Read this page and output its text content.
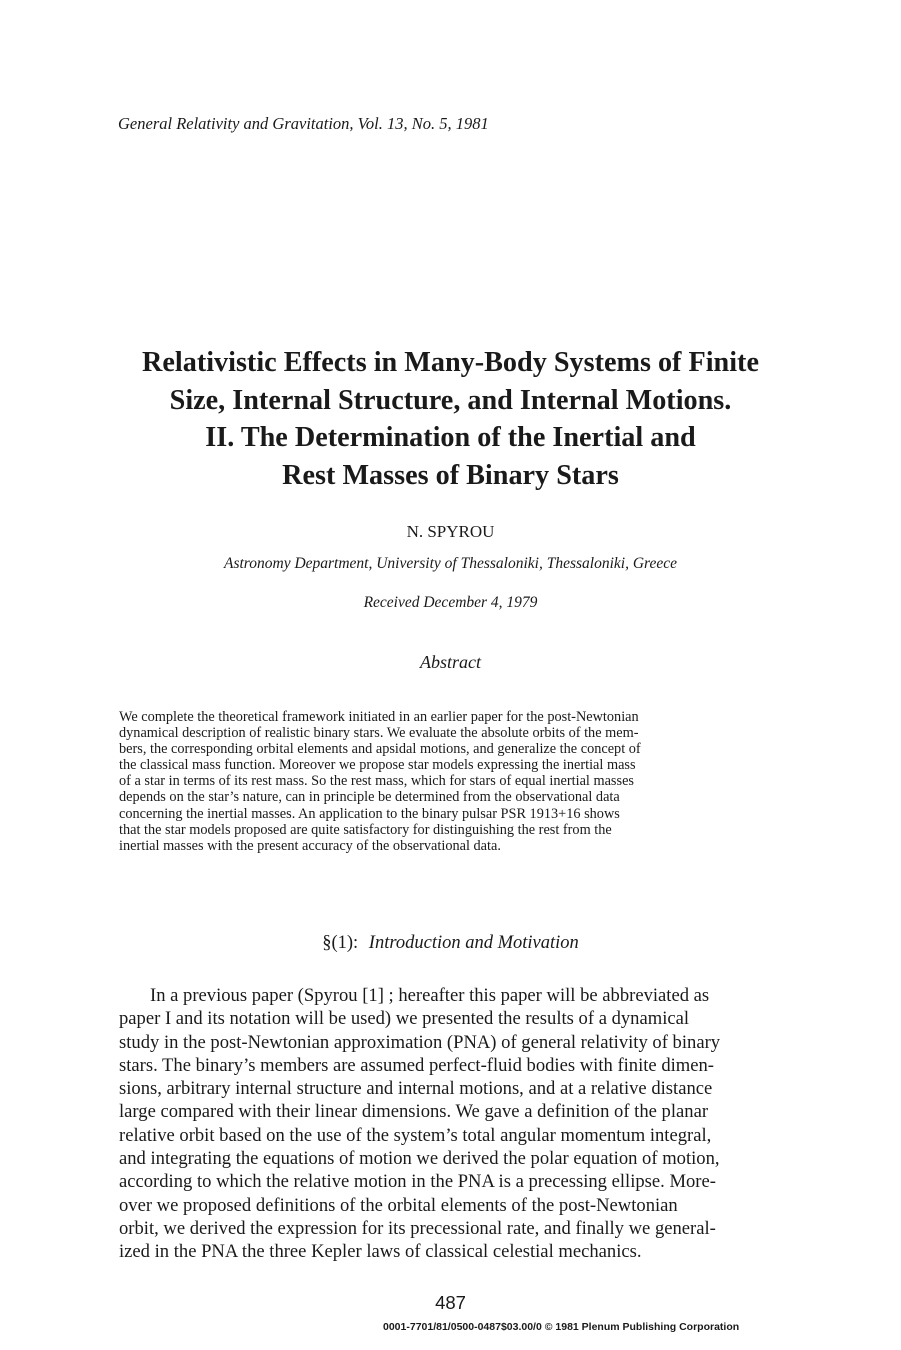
General Relativity and Gravitation, Vol. 13, No. 5, 1981
Relativistic Effects in Many-Body Systems of Finite
Size, Internal Structure, and Internal Motions.
II. The Determination of the Inertial and
Rest Masses of Binary Stars
N. SPYROU
Astronomy Department, University of Thessaloniki, Thessaloniki, Greece
Received December 4, 1979
Abstract
We complete the theoretical framework initiated in an earlier paper for the post-Newtonian
dynamical description of realistic binary stars. We evaluate the absolute orbits of the mem-
bers, the corresponding orbital elements and apsidal motions, and generalize the concept of
the classical mass function. Moreover we propose star models expressing the inertial mass
of a star in terms of its rest mass. So the rest mass, which for stars of equal inertial masses
depends on the star’s nature, can in principle be determined from the observational data
concerning the inertial masses. An application to the binary pulsar PSR 1913+16 shows
that the star models proposed are quite satisfactory for distinguishing the rest from the
inertial masses with the present accuracy of the observational data.
§(1): Introduction and Motivation
In a previous paper (Spyrou [1] ; hereafter this paper will be abbreviated as
paper I and its notation will be used) we presented the results of a dynamical
study in the post-Newtonian approximation (PNA) of general relativity of binary
stars. The binary’s members are assumed perfect-fluid bodies with finite dimen-
sions, arbitrary internal structure and internal motions, and at a relative distance
large compared with their linear dimensions. We gave a definition of the planar
relative orbit based on the use of the system’s total angular momentum integral,
and integrating the equations of motion we derived the polar equation of motion,
according to which the relative motion in the PNA is a precessing ellipse. More-
over we proposed definitions of the orbital elements of the post-Newtonian
orbit, we derived the expression for its precessional rate, and finally we general-
ized in the PNA the three Kepler laws of classical celestial mechanics.
487
0001-7701/81/0500-0487$03.00/0 © 1981 Plenum Publishing Corporation
